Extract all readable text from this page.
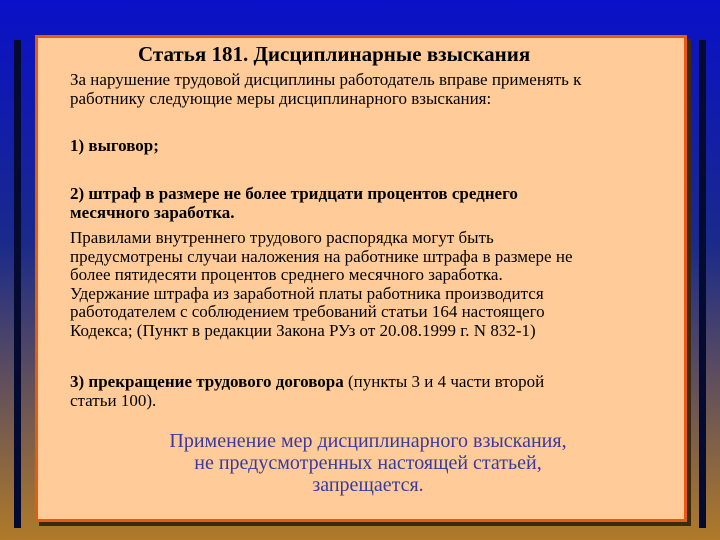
Статья 181. Дисциплинарные взыскания
За нарушение трудовой дисциплины работодатель вправе применять к
работнику следующие меры дисциплинарного взыскания:
1) выговор;
2) штраф в размере не более тридцати процентов среднего
месячного заработка.
Правилами внутреннего трудового распорядка могут быть
предусмотрены случаи наложения на работнике штрафа в размере не
более пятидесяти процентов среднего месячного заработка.
Удержание штрафа из заработной платы работника производится
работодателем с соблюдением требований статьи 164 настоящего
Кодекса; (Пункт в редакции Закона РУз от 20.08.1999 г. N 832-1)
3) прекращение трудового договора (пункты 3 и 4 части второй
статьи 100).
Применение мер дисциплинарного взыскания,
не предусмотренных настоящей статьей,
запрещается.
